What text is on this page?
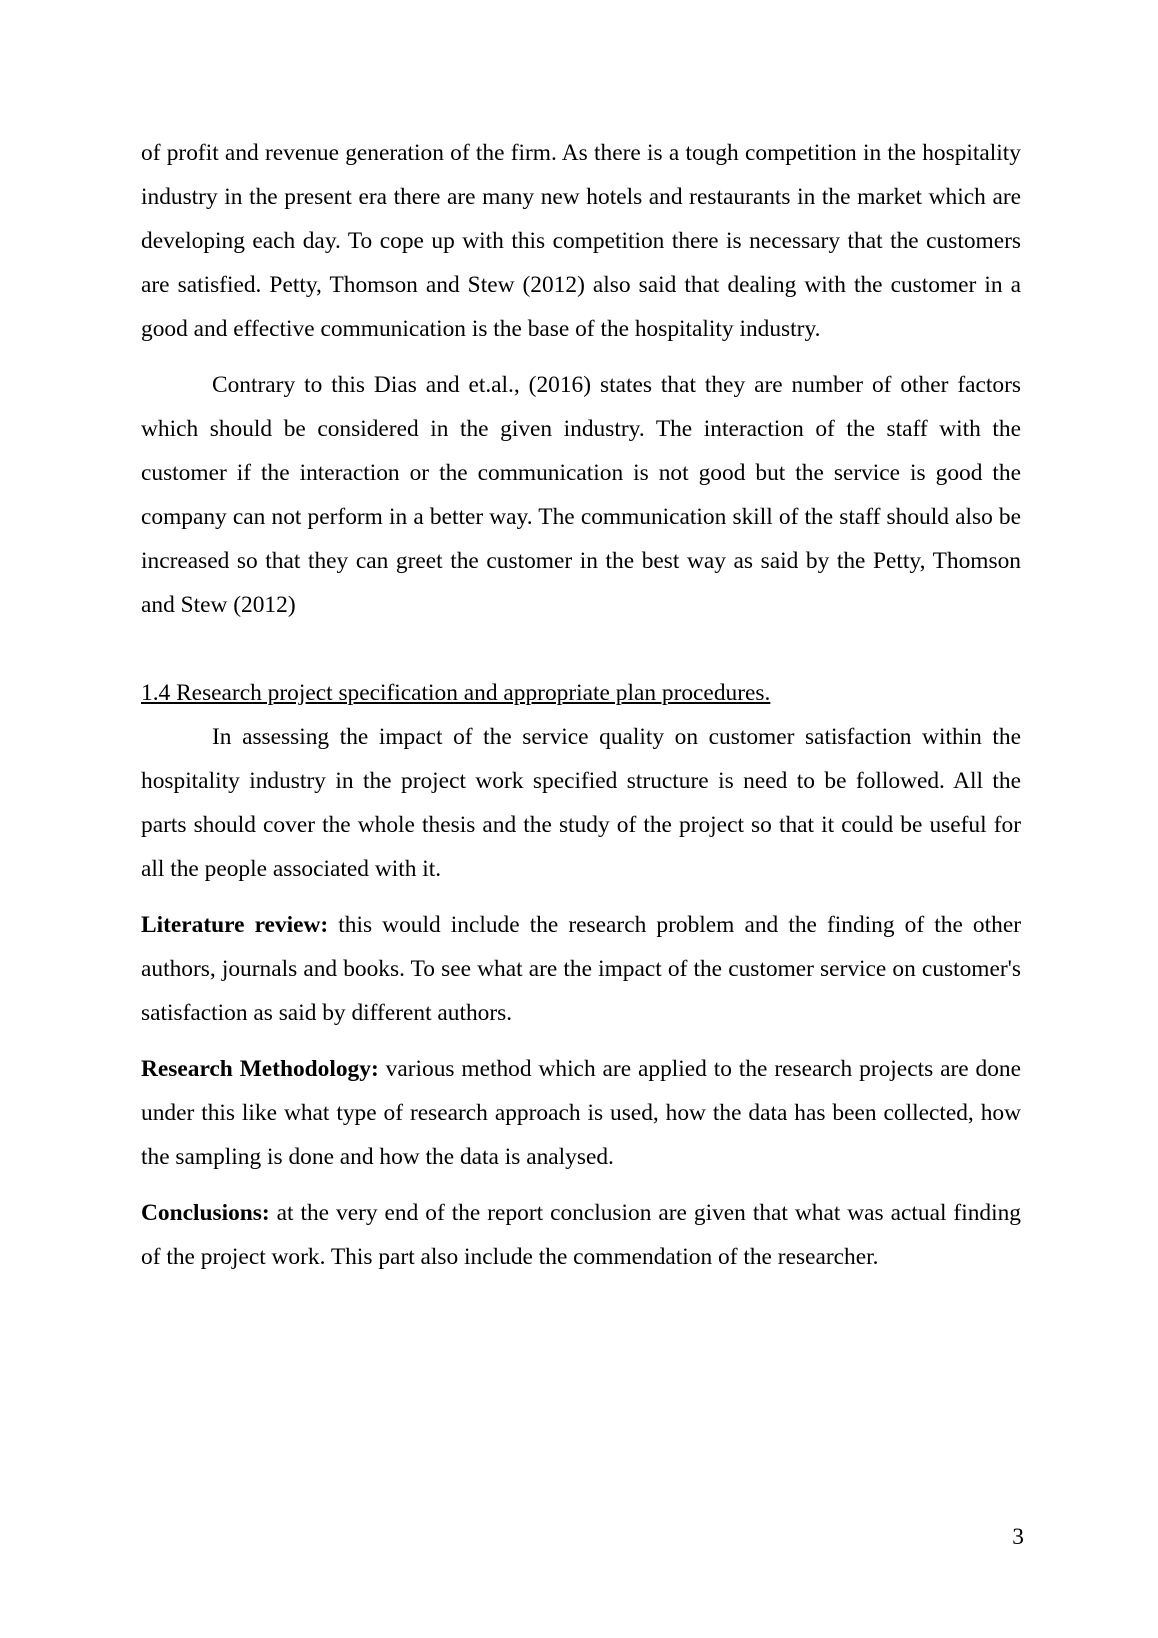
of profit and revenue generation of the firm. As there is a tough competition in the hospitality industry in the present era there are many new hotels and restaurants in the market which are developing each day. To cope up with this competition there is necessary that the customers are satisfied. Petty, Thomson and Stew (2012) also said that dealing with the customer in a good and effective communication is the base of the hospitality industry.

Contrary to this Dias and et.al., (2016) states that they are number of other factors which should be considered in the given industry. The interaction of the staff with the customer if the interaction or the communication is not good but the service is good the company can not perform in a better way. The communication skill of the staff should also be increased so that they can greet the customer in the best way as said by the Petty, Thomson and Stew (2012)

1.4 Research project specification and appropriate plan procedures.

In assessing the impact of the service quality on customer satisfaction within the hospitality industry in the project work specified structure is need to be followed. All the parts should cover the whole thesis and the study of the project so that it could be useful for all the people associated with it.

Literature review: this would include the research problem and the finding of the other authors, journals and books. To see what are the impact of the customer service on customer's satisfaction as said by different authors.

Research Methodology: various method which are applied to the research projects are done under this like what type of research approach is used, how the data has been collected, how the sampling is done and how the data is analysed.

Conclusions: at the very end of the report conclusion are given that what was actual finding of the project work. This part also include the commendation of the researcher.

3
